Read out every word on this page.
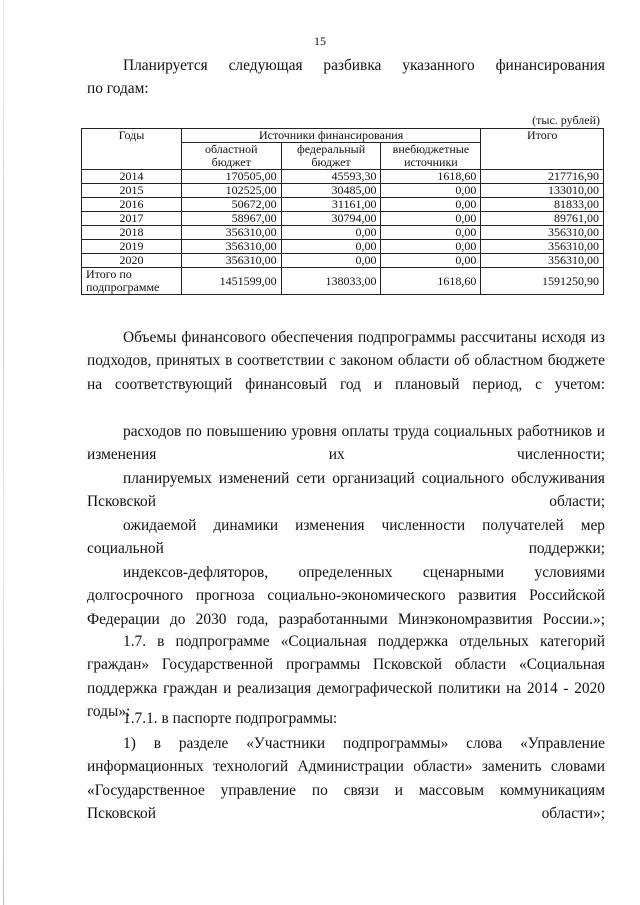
15

Планируется следующая разбивка указанного финансирования

по годам:

(тыс. рублей)
Годы	Источники финансирования			Итого
	областной бюджет	федеральный бюджет	внебюджетные источники	
2014	170505,00	45593,30	1618,60	217716,90
2015	102525,00	30485,00	0,00	133010,00
2016	50672,00	31161,00	0,00	81833,00
2017	58967,00	30794,00	0,00	89761,00
2018	356310,00	0,00	0,00	356310,00
2019	356310,00	0,00	0,00	356310,00
2020	356310,00	0,00	0,00	356310,00
Итого по подпрограмме	1451599,00	138033,00	1618,60	1591250,90

Объемы финансового обеспечения подпрограммы рассчитаны исходя из подходов, принятых в соответствии с законом области об областном бюджете на соответствующий финансовый год и плановый период, с учетом:

расходов по повышению уровня оплаты труда социальных работников и изменения их численности;

планируемых изменений сети организаций социального обслуживания Псковской области;

ожидаемой динамики изменения численности получателей мер социальной поддержки;

индексов-дефляторов, определенных сценарными условиями долгосрочного прогноза социально-экономического развития Российской Федерации до 2030 года, разработанными Минэкономразвития России.»;

1.7. в подпрограмме «Социальная поддержка отдельных категорий граждан» Государственной программы Псковской области «Социальная поддержка граждан и реализация демографической политики на 2014 - 2020 годы»:

1.7.1. в паспорте подпрограммы:

1) в разделе «Участники подпрограммы» слова «Управление информационных технологий Администрации области» заменить словами «Государственное управление по связи и массовым коммуникациям Псковской области»;
